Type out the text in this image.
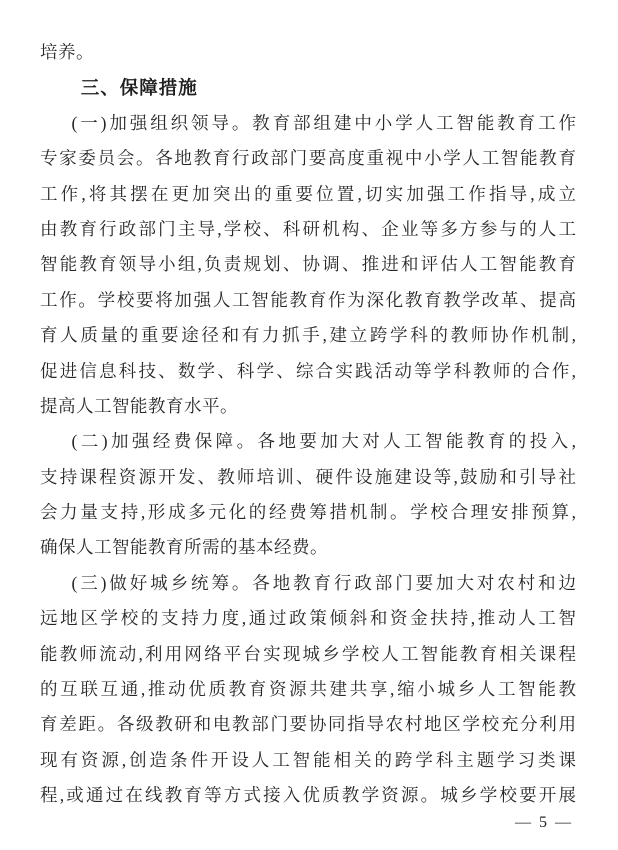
培养。
三、保障措施
(一)加强组织领导。教育部组建中小学人工智能教育工作
专家委员会。各地教育行政部门要高度重视中小学人工智能教育
工作,将其摆在更加突出的重要位置,切实加强工作指导,成立
由教育行政部门主导,学校、科研机构、企业等多方参与的人工
智能教育领导小组,负责规划、协调、推进和评估人工智能教育
工作。学校要将加强人工智能教育作为深化教育教学改革、提高
育人质量的重要途径和有力抓手,建立跨学科的教师协作机制,
促进信息科技、数学、科学、综合实践活动等学科教师的合作,
提高人工智能教育水平。
(二)加强经费保障。各地要加大对人工智能教育的投入,
支持课程资源开发、教师培训、硬件设施建设等,鼓励和引导社
会力量支持,形成多元化的经费筹措机制。学校合理安排预算,
确保人工智能教育所需的基本经费。
(三)做好城乡统筹。各地教育行政部门要加大对农村和边
远地区学校的支持力度,通过政策倾斜和资金扶持,推动人工智
能教师流动,利用网络平台实现城乡学校人工智能教育相关课程
的互联互通,推动优质教育资源共建共享,缩小城乡人工智能教
育差距。各级教研和电教部门要协同指导农村地区学校充分利用
现有资源,创造条件开设人工智能相关的跨学科主题学习类课
程,或通过在线教育等方式接入优质教学资源。城乡学校要开展
— 5 —
